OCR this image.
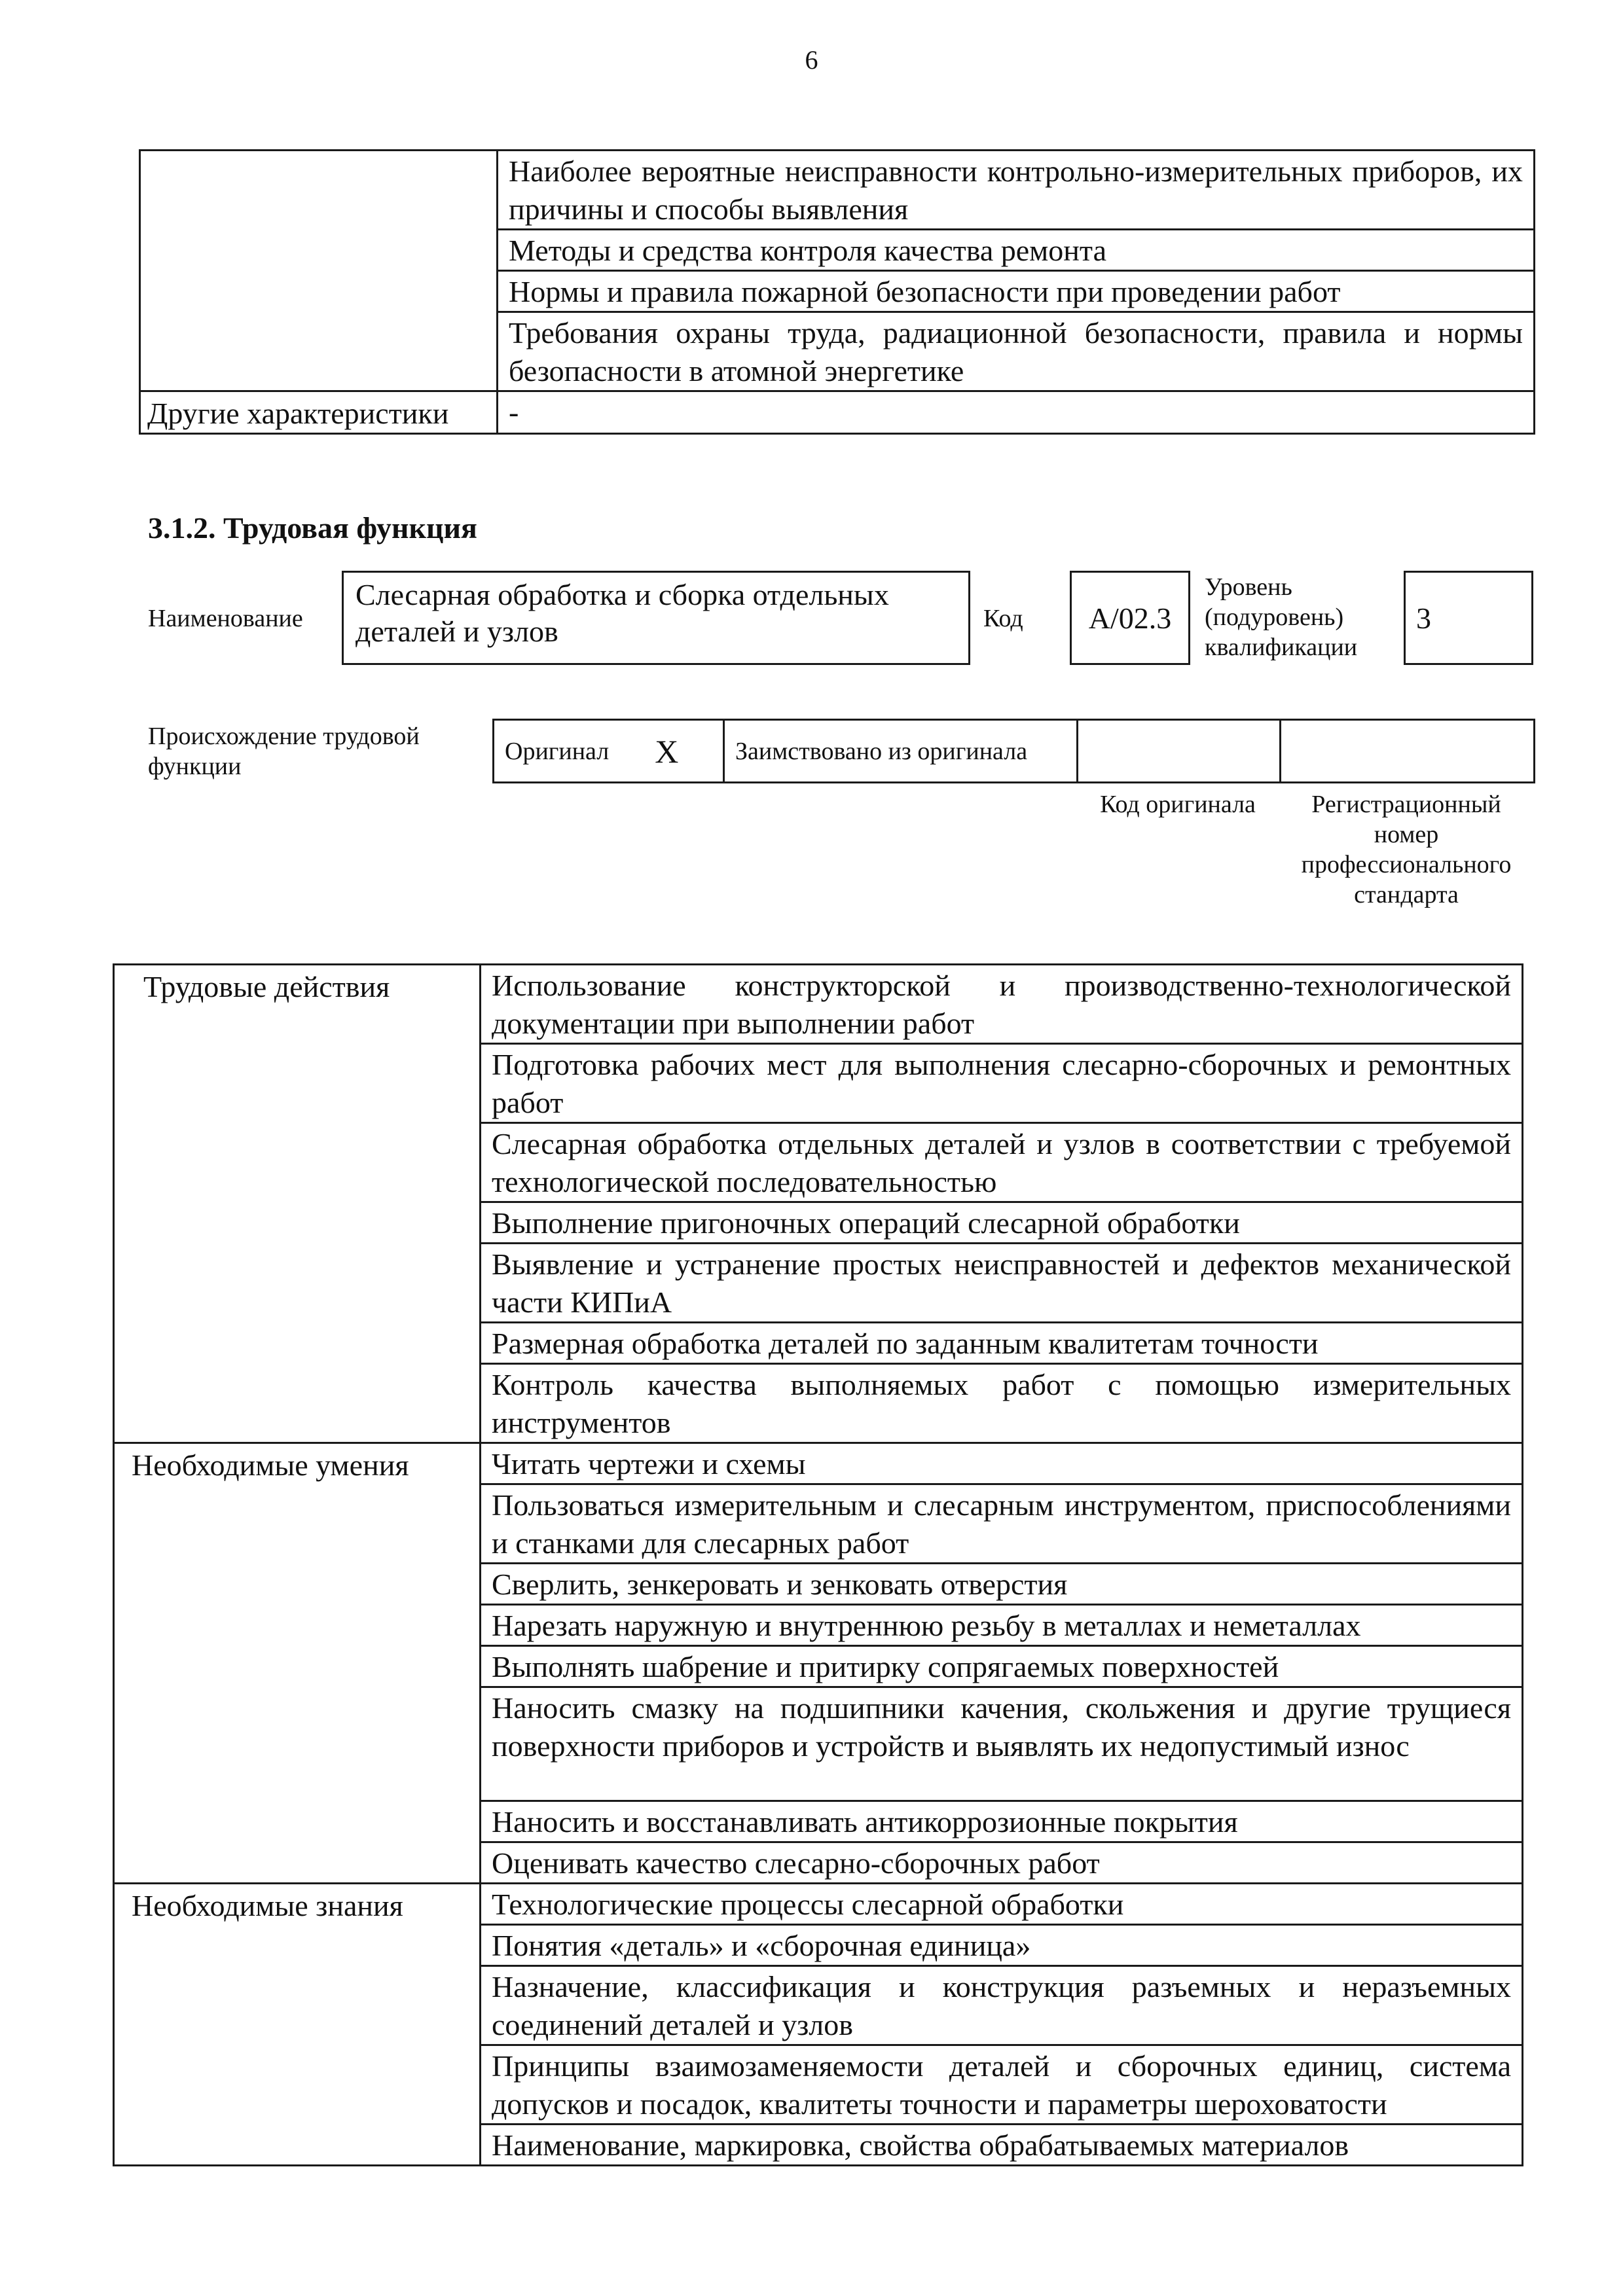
6

	Наиболее вероятные неисправности контрольно-измерительных приборов, их причины и способы выявления

	Методы и средства контроля качества ремонта

	Нормы и правила пожарной безопасности при проведении работ

	Требования охраны труда, радиационной безопасности, правила и нормы безопасности в атомной энергетике

Другие характеристики	-
3.1.2. Трудовая функция
Наименование
Слесарная обработка и сборка отдельных деталей и узлов	Код	A/02.3
Уровень
(подуровень)
квалификации
3
Происхождение трудовой
функции
Оригинал X	Заимствовано из оригинала

Код оригинала	Регистрационный
номер
профессионального
стандарта
Трудовые действия	Использование конструкторской и производственно-технологической документации при выполнении работ

	Подготовка рабочих мест для выполнения слесарно-сборочных и ремонтных работ

	Слесарная обработка отдельных деталей и узлов в соответствии с требуемой технологической последовательностью

	Выполнение пригоночных операций слесарной обработки

	Выявление и устранение простых неисправностей и дефектов механической части КИПиА

	Размерная обработка деталей по заданным квалитетам точности

	Контроль качества выполняемых работ с помощью измерительных инструментов

Необходимые умения	Читать чертежи и схемы

	Пользоваться измерительным и слесарным инструментом, приспособлениями и станками для слесарных работ

	Сверлить, зенкеровать и зенковать отверстия

	Нарезать наружную и внутреннюю резьбу в металлах и неметаллах

	Выполнять шабрение и притирку сопрягаемых поверхностей

	Наносить смазку на подшипники качения, скольжения и другие трущиеся поверхности приборов и устройств и выявлять их недопустимый износ

	Наносить и восстанавливать антикоррозионные покрытия

	Оценивать качество слесарно-сборочных работ

Необходимые знания	Технологические процессы слесарной обработки

	Понятия «деталь» и «сборочная единица»

	Назначение, классификация и конструкция разъемных и неразъемных соединений деталей и узлов

	Принципы взаимозаменяемости деталей и сборочных единиц, система допусков и посадок, квалитеты точности и параметры шероховатости

	Наименование, маркировка, свойства обрабатываемых материалов
